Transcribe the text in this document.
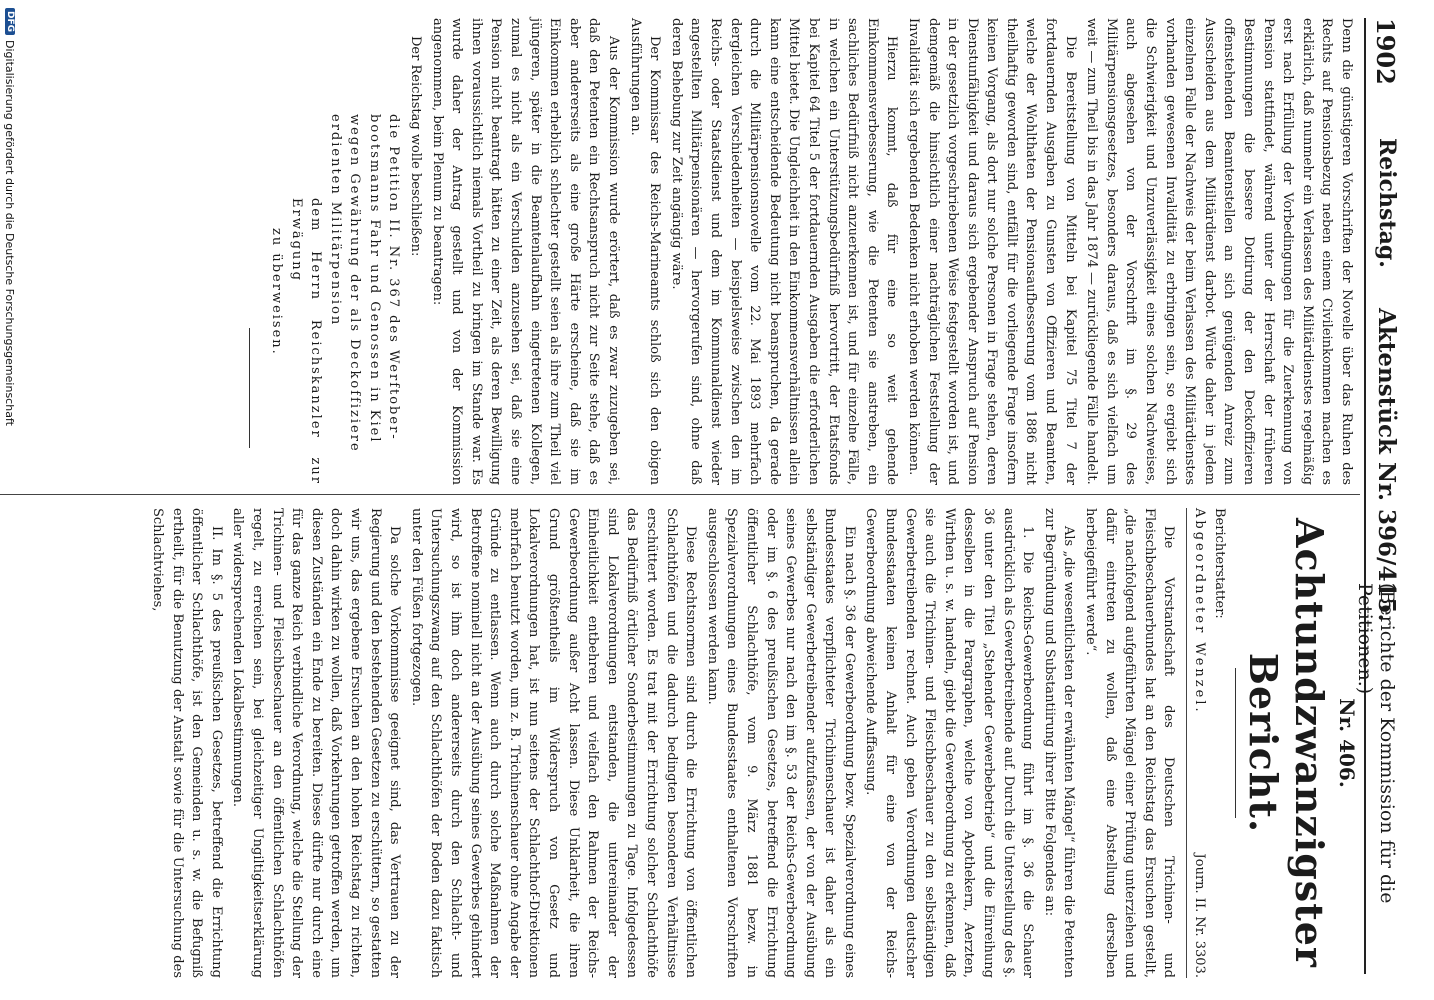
1902
Reichstag.
Aktenstück Nr. 396/415.
(Berichte der Kommission für die Petitionen.)

Denn die günstigeren Vorschriften der Novelle über das Ruhen des Rechts auf Pensionsbezug neben einem Civileinkommen machen es erklärlich, daß nunmehr ein Verlassen des Militärdienstes regelmäßig erst nach Erfüllung der Vorbedingungen für die Zuerkennung von Pension stattfindet, während unter der Herrschaft der früheren Bestimmungen die bessere Dotirung der den Deckoffizieren offenstehenden Beamtenstellen an sich genügenden Anreiz zum Ausscheiden aus dem Militärdienst darbot. Würde daher in jedem einzelnen Falle der Nachweis der beim Verlassen des Militärdienstes vorhanden gewesenen Invalidität zu erbringen sein, so ergiebt sich die Schwierigkeit und Unzuverlässigkeit eines solchen Nachweises, auch abgesehen von der Vorschrift im §. 29 des Militärpensionsgesetzes, besonders daraus, daß es sich vielfach um weit — zum Theil bis in das Jahr 1874 — zurückliegende Fälle handelt.

Die Bereitstellung von Mitteln bei Kapitel 75 Titel 7 der fortdauernden Ausgaben zu Gunsten von Offizieren und Beamten, welche der Wohlthaten der Pensionsaufbesserung vom 1886 nicht theilhaftig geworden sind, entfällt für die vorliegende Frage insofern keinen Vorgang, als dort nur solche Personen in Frage stehen, deren Dienstunfähigkeit und daraus sich ergebender Anspruch auf Pension in der gesetzlich vorgeschriebenen Weise festgestellt worden ist, und demgemäß die hinsichtlich einer nachträglichen Feststellung der Invalidität sich ergebenden Bedenken nicht erhoben werden können.

Hierzu kommt, daß für eine so weit gehende Einkommensverbesserung, wie die Petenten sie anstreben, ein sachliches Bedürfniß nicht anzuerkennen ist, und für einzelne Fälle, in welchen ein Unterstützungsbedürfniß hervortritt, der Etatsfonds bei Kapitel 64 Titel 5 der fortdauernden Ausgaben die erforderlichen Mittel bietet. Die Ungleichheit in den Einkommensverhältnissen allein kann eine entscheidende Bedeutung nicht beanspruchen, da gerade durch die Militärpensionsnovelle vom 22. Mai 1893 mehrfach dergleichen Verschiedenheiten — beispielsweise zwischen den im Reichs- oder Staatsdienst und dem im Kommunaldienst wieder angestellten Militärpensionären — hervorgerufen sind, ohne daß deren Behebung zur Zeit angängig wäre.

Der Kommissar des Reichs-Marineamts schloß sich den obigen Ausführungen an.

Aus der Kommission wurde erörtert, daß es zwar zuzugeben sei, daß den Petenten ein Rechtsanspruch nicht zur Seite stehe, daß es aber andererseits als eine große Härte erscheine, daß sie im Einkommen erheblich schlechter gestellt seien als ihre zum Theil viel jüngeren, später in die Beamtenlaufbahn eingetretenen Kollegen, zumal es nicht als ein Verschulden anzusehen sei, daß sie eine Pension nicht beantragt hätten zu einer Zeit, als deren Bewilligung ihnen voraussichtlich niemals Vortheil zu bringen im Stande war. Es wurde daher der Antrag gestellt und von der Kommission angenommen, beim Plenum zu beantragen:

Der Reichstag wolle beschließen:

die Petition II. Nr. 367 des Werftober-

bootsmanns Fahr und Genossen in Kiel

wegen Gewährung der als Deckoffiziere

erdienten Militärpension

dem Herrn Reichskanzler zur Erwägung

zu überweisen.

Nr. 406.
Achtundzwanzigster Bericht.
Berichterstatter:
Abgeordneter Wenzel.
Journ. II. Nr. 3303.

Die Vorstandschaft des Deutschen Trichinen- und Fleischbeschauerbundes hat an den Reichstag das Ersuchen gestellt, „die nachfolgend aufgeführten Mängel einer Prüfung unterziehen und dafür eintreten zu wollen, daß eine Abstellung derselben herbeigeführt werde“.

Als „die wesentlichsten der erwähnten Mängel“ führen die Petenten zur Begründung und Substantiirung ihrer Bitte Folgendes an:

1. Die Reichs-Gewerbeordnung führt im §. 36 die Schauer ausdrücklich als Gewerbetreibende auf. Durch die Unterstellung des §. 36 unter den Titel „Stehender Gewerbebetrieb“ und die Einreihung desselben in die Paragraphen, welche von Apothekern, Aerzten, Wirthen u. s. w. handeln, giebt die Gewerbeordnung zu erkennen, daß sie auch die Trichinen- und Fleischbeschauer zu den selbständigen Gewerbetreibenden rechnet. Auch geben Verordnungen deutscher Bundesstaaten keinen Anhalt für eine von der Reichs-Gewerbeordnung abweichende Auffassung.

Ein nach §. 36 der Gewerbeordnung bezw. Spezialverordnung eines Bundesstaates verpflichteter Trichinenschauer ist daher als ein selbständiger Gewerbetreibender aufzufassen, der von der Ausübung seines Gewerbes nur nach den im §. 53 der Reichs-Gewerbeordnung oder im §. 6 des preußischen Gesetzes, betreffend die Errichtung öffentlicher Schlachthöfe, vom 9. März 1881 bezw. in Spezialverordnungen eines Bundesstaates enthaltenen Vorschriften ausgeschlossen werden kann.

Diese Rechtsnormen sind durch die Errichtung von öffentlichen Schlachthöfen und die dadurch bedingten besonderen Verhältnisse erschüttert worden. Es trat mit der Errichtung solcher Schlachthöfe das Bedürfniß örtlicher Sonderbestimmungen zu Tage. Infolgedessen sind Lokalverordnungen entstanden, die untereinander der Einheitlichkeit entbehren und vielfach den Rahmen der Reichs-Gewerbeordnung außer Acht lassen. Diese Unklarheit, die ihren Grund größtentheils im Widerspruch von Gesetz und Lokalverordnungen hat, ist nun seitens der Schlachthof-Direktionen mehrfach benutzt worden, um z. B. Trichinenschauer ohne Angabe der Gründe zu entlassen. Wenn auch durch solche Maßnahmen der Betroffene nominell nicht an der Ausübung seines Gewerbes gehindert wird, so ist ihm doch andererseits durch den Schlacht- und Untersuchungszwang auf den Schlachthöfen der Boden dazu faktisch unter den Füßen fortgezogen.

Da solche Vorkommnisse geeignet sind, das Vertrauen zu der Regierung und den bestehenden Gesetzen zu erschüttern, so gestatten wir uns, das ergebene Ersuchen an den hohen Reichstag zu richten, doch dahin wirken zu wollen, daß Vorkehrungen getroffen werden, um diesen Zuständen ein Ende zu bereiten. Dieses dürfte nur durch eine für das ganze Reich verbindliche Verordnung, welche die Stellung der Trichinen- und Fleischbeschauer an den öffentlichen Schlachthöfen regelt, zu erreichen sein, bei gleichzeitiger Ungiltigkeitserklärung aller widersprechenden Lokalbestimmungen.

II. Im §. 5 des preußischen Gesetzes, betreffend die Errichtung öffentlicher Schlachthöfe, ist den Gemeinden u. s. w. die Befugniß ertheilt, für die Benutzung der Anstalt sowie für die Untersuchung des Schlachtviehes,

DFG
Digitalisierung gefördert durch die Deutsche Forschungsgemeinschaft
